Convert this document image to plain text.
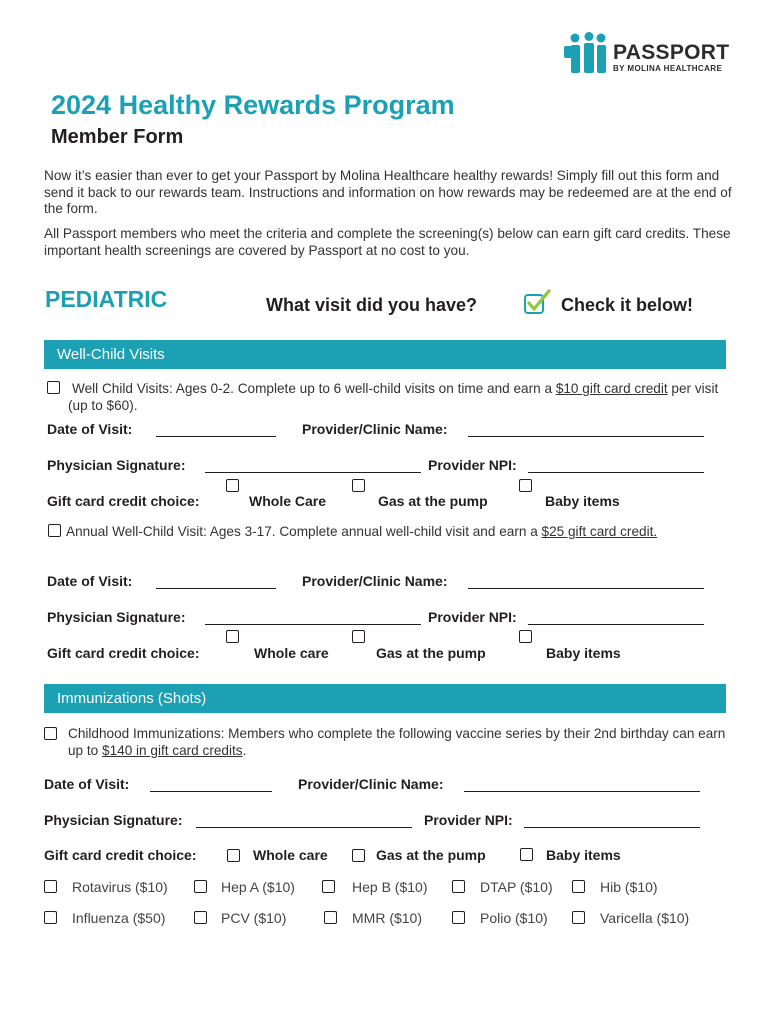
PASSPORT
BY MOLINA HEALTHCARE
2024 Healthy Rewards Program
Member Form
Now it’s easier than ever to get your Passport by Molina Healthcare healthy rewards! Simply fill out this form and send it back to our rewards team. Instructions and information on how rewards may be redeemed are at the end of the form.
All Passport members who meet the criteria and complete the screening(s) below can earn gift card credits. These important health screenings are covered by Passport at no cost to you.
PEDIATRIC	What visit did you have?	Check it below!
Well-Child Visits
Well Child Visits: Ages 0-2. Complete up to 6 well-child visits on time and earn a $10 gift card credit per visit (up to $60).
Date of Visit:	Provider/Clinic Name:
Physician Signature:	Provider NPI:
Gift card credit choice:	Whole Care	Gas at the pump	Baby items
Annual Well-Child Visit: Ages 3-17. Complete annual well-child visit and earn a $25 gift card credit.
Date of Visit:	Provider/Clinic Name:
Physician Signature:	Provider NPI:
Gift card credit choice:	Whole care	Gas at the pump	Baby items
Immunizations (Shots)
Childhood Immunizations: Members who complete the following vaccine series by their 2nd birthday can earn up to $140 in gift card credits.
Date of Visit:	Provider/Clinic Name:
Physician Signature:	Provider NPI:
Gift card credit choice:	Whole care	Gas at the pump	Baby items
Rotavirus ($10)	Hep A ($10)	Hep B ($10)	DTAP ($10)	Hib ($10)
Influenza ($50)	PCV ($10)	MMR ($10)	Polio ($10)	Varicella ($10)
